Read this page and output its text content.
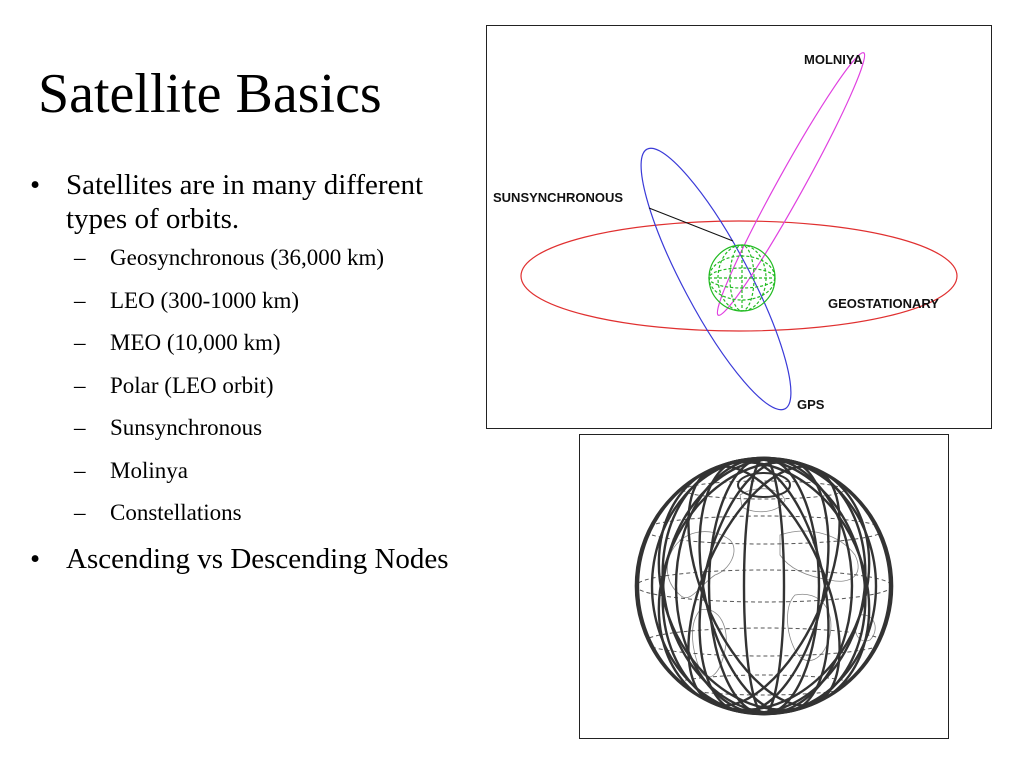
Satellite Basics
• Satellites are in many different types of orbits.
– Geosynchronous (36,000 km)
– LEO (300-1000 km)
– MEO (10,000 km)
– Polar (LEO orbit)
– Sunsynchronous
– Molinya
– Constellations
• Ascending vs Descending Nodes
MOLNIYA
SUNSYNCHRONOUS
GEOSTATIONARY
GPS
